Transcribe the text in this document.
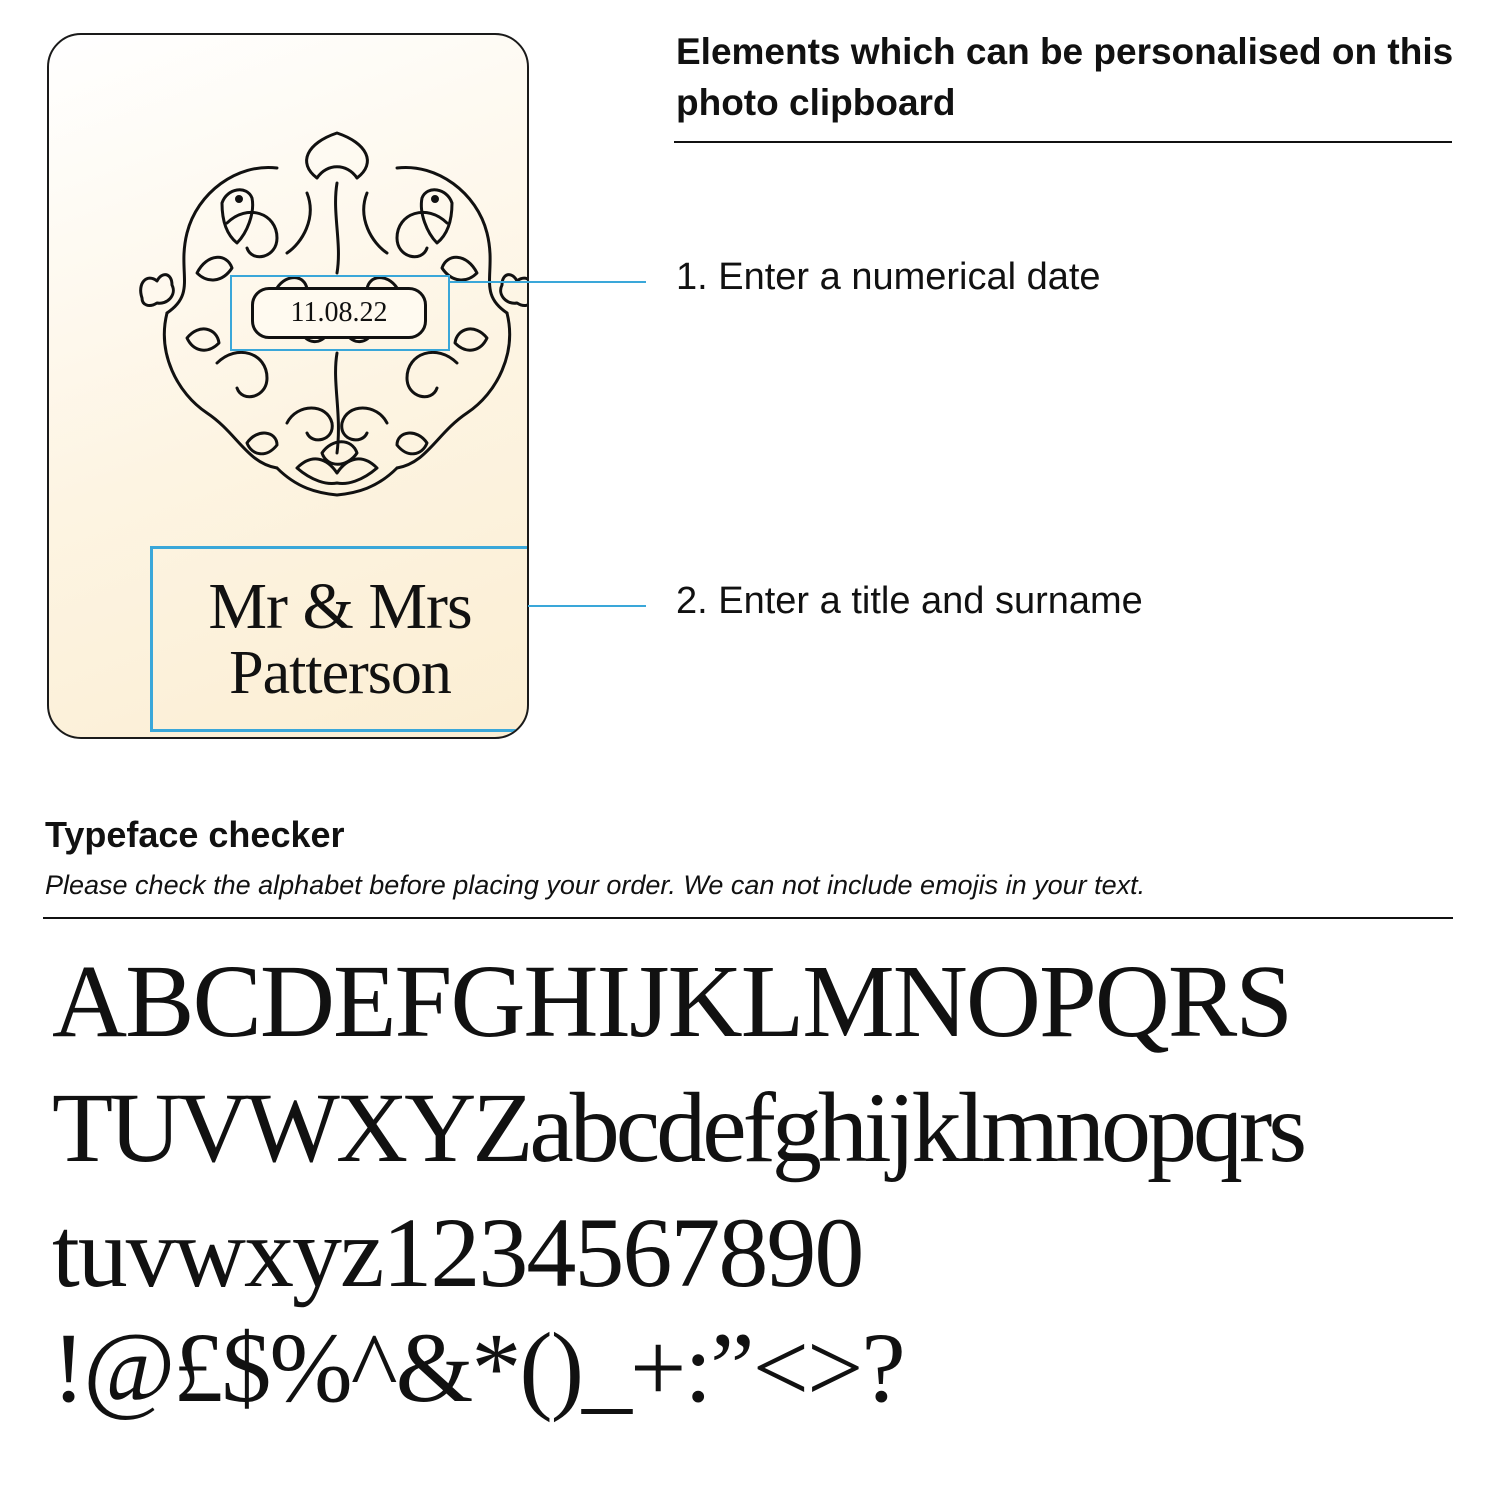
11.08.22
Mr & Mrs
Patterson
Elements which can be personalised on this photo clipboard
1. Enter a numerical date
2. Enter a title and surname
Typeface checker
Please check the alphabet before placing your order. We can not include emojis in your text.
ABCDEFGHIJKLMNOPQRS
TUVWXYZabcdefghijklmnopqrs
tuvwxyz1234567890
!@£$%^&*()_+:”<>?
